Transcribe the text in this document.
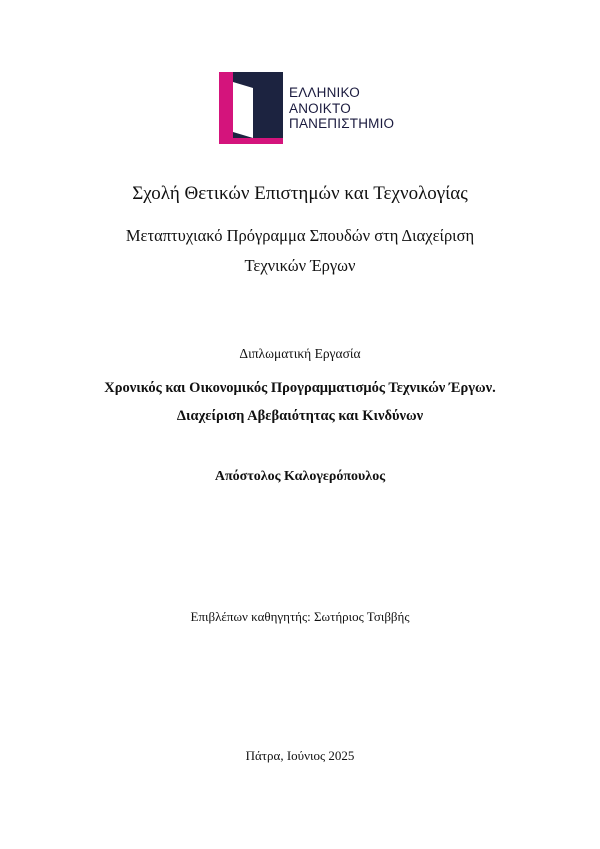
ΕΛΛΗΝΙΚΟ
ΑΝΟΙΚΤΟ
ΠΑΝΕΠΙΣΤΗΜΙΟ
Σχολή Θετικών Επιστημών και Τεχνολογίας
Μεταπτυχιακό Πρόγραμμα Σπουδών στη Διαχείριση
Τεχνικών Έργων
Διπλωματική Εργασία
Χρονικός και Οικονομικός Προγραμματισμός Τεχνικών Έργων.
Διαχείριση Αβεβαιότητας και Κινδύνων
Απόστολος Καλογερόπουλος
Επιβλέπων καθηγητής: Σωτήριος Τσιββής
Πάτρα, Ιούνιος 2025
